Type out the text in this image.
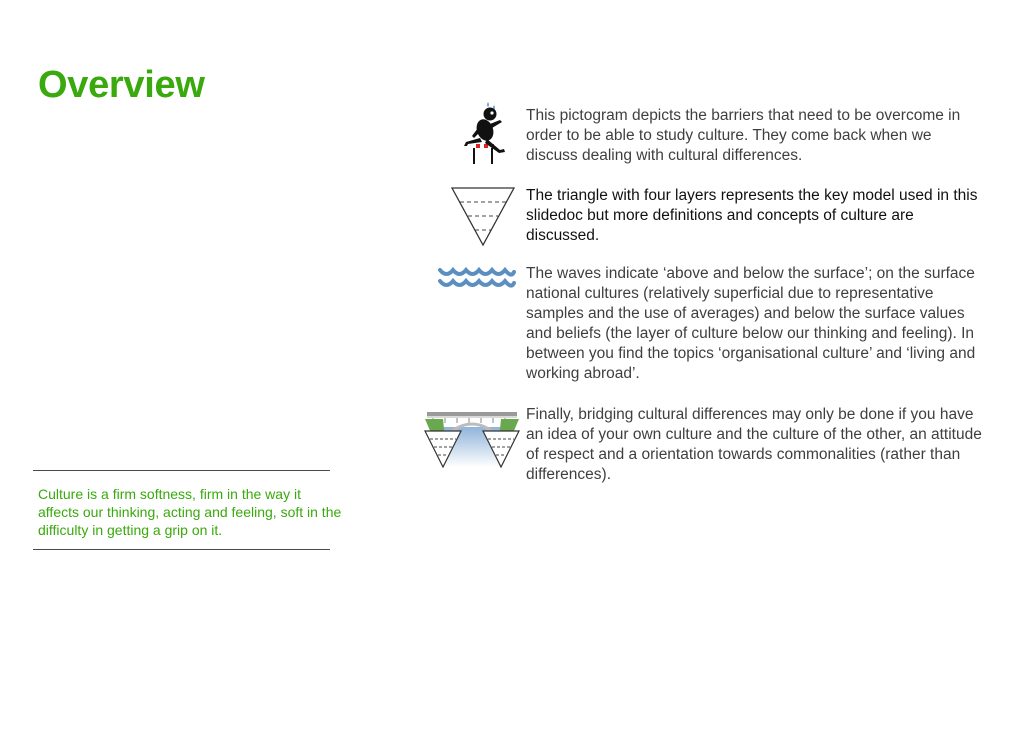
Overview
Culture is a firm softness, firm in the way it affects our thinking, acting and feeling, soft in the difficulty in getting a grip on it.
This pictogram depicts the barriers that need to be overcome in order to be able to study culture. They come back when we discuss dealing with cultural differences.
The triangle with four layers represents the key model used in this slidedoc but more definitions and concepts of culture are discussed.
The waves indicate ‘above and below the surface’; on the surface national cultures (relatively superficial due to representative samples and the use of averages) and below the surface values and beliefs (the layer of culture below our thinking and feeling). In between you find the topics ‘organisational culture’ and ‘living and working abroad’.
Finally, bridging cultural differences may only be done if you have an idea of your own culture and the culture of the other, an attitude of respect and a orientation towards commonalities (rather than differences).
